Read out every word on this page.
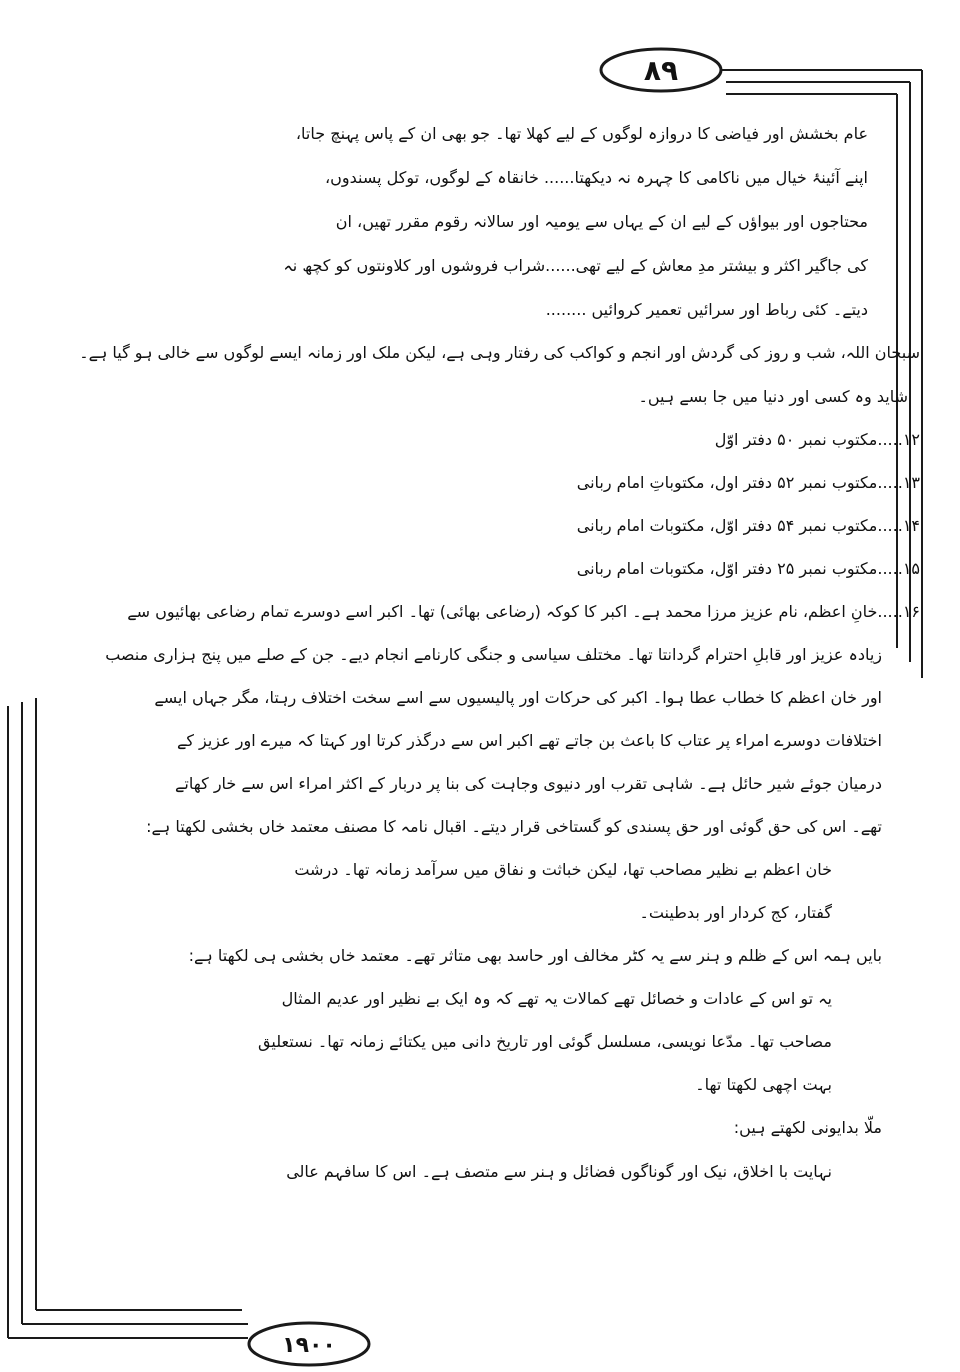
٨٩
١٩٠٠
عام بخشش اور فیاضی کا دروازہ لوگوں کے لیے کھلا تھا۔ جو بھی ان کے پاس پہنچ جاتا،
اپنے آئینۂ خیال میں ناکامی کا چہرہ نہ دیکھتا...... خانقاہ کے لوگوں، توکل پسندوں،
محتاجوں اور بیواؤں کے لیے ان کے یہاں سے یومیہ اور سالانہ رقوم مقرر تھیں، ان
کی جاگیر اکثر و بیشتر مدِ معاش کے لیے تھی......شراب فروشوں اور کلاونتوں کو کچھ نہ
دیتے۔ کئی رباط اور سرائیں تعمیر کروائیں ........
سبحان اللہ، شب و روز کی گردش اور انجم و کواکب کی رفتار وہی ہے، لیکن ملک اور زمانہ ایسے لوگوں سے خالی ہو گیا ہے۔
شاید وہ کسی اور دنیا میں جا بسے ہیں۔
۱۲.....مکتوب نمبر ۵۰ دفتر اوّل
۱۳.....مکتوب نمبر ۵۲ دفتر اول، مکتوباتِ امام ربانی
۱۴.....مکتوب نمبر ۵۴ دفتر اوّل، مکتوبات امام ربانی
۱۵.....مکتوب نمبر ۲۵ دفتر اوّل، مکتوبات امام ربانی
۱۶.....خانِ اعظم، نام عزیز مرزا محمد ہے۔ اکبر کا کوکہ (رضاعی بھائی) تھا۔ اکبر اسے دوسرے تمام رضاعی بھائیوں سے
زیادہ عزیز اور قابلِ احترام گردانتا تھا۔ مختلف سیاسی و جنگی کارنامے انجام دیے۔ جن کے صلے میں پنج ہزاری منصب
اور خان اعظم کا خطاب عطا ہوا۔ اکبر کی حرکات اور پالیسیوں سے اسے سخت اختلاف رہتا، مگر جہاں ایسے
اختلافات دوسرے امراء پر عتاب کا باعث بن جاتے تھے اکبر اس سے درگذر کرتا اور کہتا کہ میرے اور عزیز کے
درمیان جوئے شیر حائل ہے۔ شاہی تقرب اور دنیوی وجاہت کی بنا پر دربار کے اکثر امراء اس سے خار کھاتے
تھے۔ اس کی حق گوئی اور حق پسندی کو گستاخی قرار دیتے۔ اقبال نامہ کا مصنف معتمد خاں بخشی لکھتا ہے:
خان اعظم بے نظیر مصاحب تھا، لیکن خباثت و نفاق میں سرآمد زمانہ تھا۔ درشت
گفتار، کج کردار اور بدطینت۔
بایں ہمہ اس کے ظلم و ہنر سے یہ کٹر مخالف اور حاسد بھی متاثر تھے۔ معتمد خاں بخشی ہی لکھتا ہے:
یہ تو اس کے عادات و خصائل تھے کمالات یہ تھے کہ وہ ایک بے نظیر اور عدیم المثال
مصاحب تھا۔ مدّعا نویسی، مسلسل گوئی اور تاریخ دانی میں یکتائے زمانہ تھا۔ نستعلیق
بہت اچھی لکھتا تھا۔
ملّا بدایونی لکھتے ہیں:
نہایت با اخلاق، نیک اور گوناگوں فضائل و ہنر سے متصف ہے۔ اس کا سافہم عالی
